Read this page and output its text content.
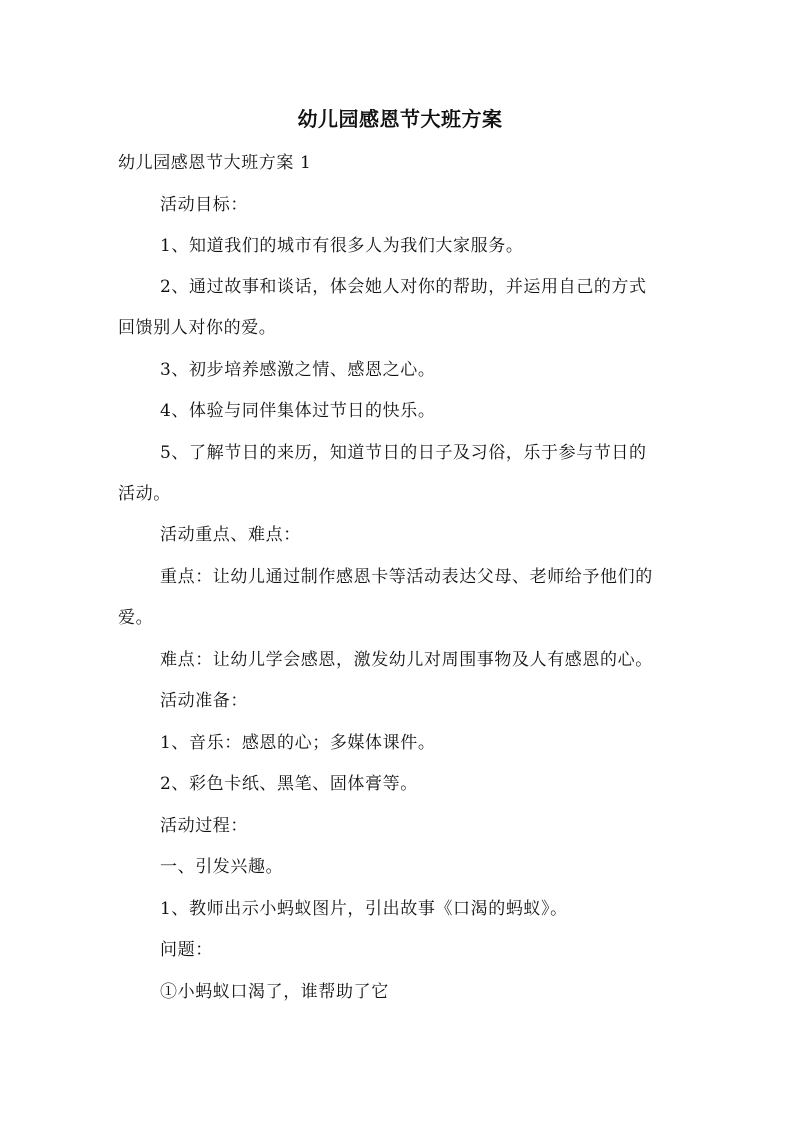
幼儿园感恩节大班方案
幼儿园感恩节大班方案 1
活动目标：
1、知道我们的城市有很多人为我们大家服务。
2、通过故事和谈话，体会她人对你的帮助，并运用自己的方式
回馈别人对你的爱。
3、初步培养感激之情、感恩之心。
4、体验与同伴集体过节日的快乐。
5、了解节日的来历，知道节日的日子及习俗，乐于参与节日的
活动。
活动重点、难点：
重点：让幼儿通过制作感恩卡等活动表达父母、老师给予他们的
爱。
难点：让幼儿学会感恩，激发幼儿对周围事物及人有感恩的心。
活动准备：
1、音乐：感恩的心；多媒体课件。
2、彩色卡纸、黑笔、固体膏等。
活动过程：
一、引发兴趣。
1、教师出示小蚂蚁图片，引出故事《口渴的蚂蚁》。
问题：
①小蚂蚁口渴了，谁帮助了它
